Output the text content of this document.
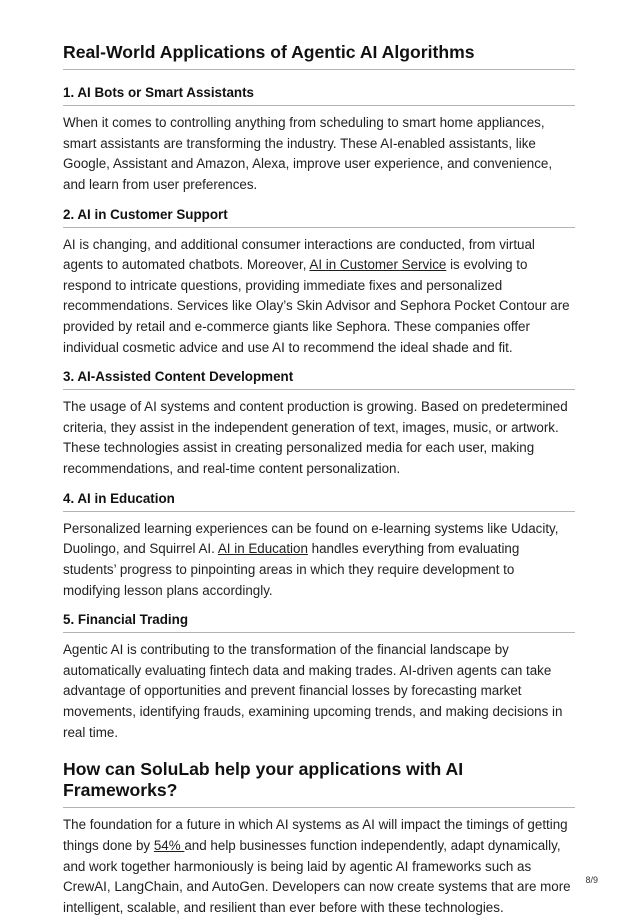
Real-World Applications of Agentic AI Algorithms
1. AI Bots or Smart Assistants

When it comes to controlling anything from scheduling to smart home appliances, smart assistants are transforming the industry. These AI-enabled assistants, like Google, Assistant and Amazon, Alexa, improve user experience, and convenience, and learn from user preferences.

2. AI in Customer Support

AI is changing, and additional consumer interactions are conducted, from virtual agents to automated chatbots. Moreover, AI in Customer Service is evolving to respond to intricate questions, providing immediate fixes and personalized recommendations. Services like Olay’s Skin Advisor and Sephora Pocket Contour are provided by retail and e-commerce giants like Sephora. These companies offer individual cosmetic advice and use AI to recommend the ideal shade and fit.

3. AI-Assisted Content Development

The usage of AI systems and content production is growing. Based on predetermined criteria, they assist in the independent generation of text, images, music, or artwork. These technologies assist in creating personalized media for each user, making recommendations, and real-time content personalization.

4. AI in Education

Personalized learning experiences can be found on e-learning systems like Udacity, Duolingo, and Squirrel AI. AI in Education handles everything from evaluating students’ progress to pinpointing areas in which they require development to modifying lesson plans accordingly.

5. Financial Trading

Agentic AI is contributing to the transformation of the financial landscape by automatically evaluating fintech data and making trades. AI-driven agents can take advantage of opportunities and prevent financial losses by forecasting market movements, identifying frauds, examining upcoming trends, and making decisions in real time.

How can SoluLab help your applications with AI Frameworks?

The foundation for a future in which AI systems as AI will impact the timings of getting things done by 54% and help businesses function independently, adapt dynamically, and work together harmoniously is being laid by agentic AI frameworks such as CrewAI, LangChain, and AutoGen. Developers can now create systems that are more intelligent, scalable, and resilient than ever before with these technologies.

8/9
